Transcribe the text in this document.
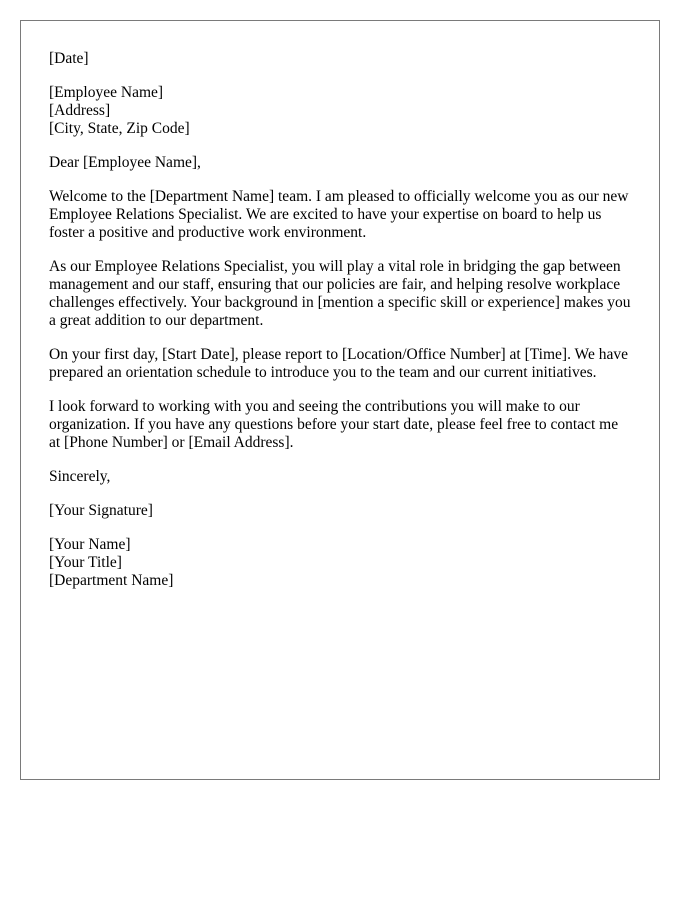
[Date]

[Employee Name]
[Address]
[City, State, Zip Code]

Dear [Employee Name],

Welcome to the [Department Name] team. I am pleased to officially welcome you as our new Employee Relations Specialist. We are excited to have your expertise on board to help us foster a positive and productive work environment.

As our Employee Relations Specialist, you will play a vital role in bridging the gap between management and our staff, ensuring that our policies are fair, and helping resolve workplace challenges effectively. Your background in [mention a specific skill or experience] makes you a great addition to our department.

On your first day, [Start Date], please report to [Location/Office Number] at [Time]. We have prepared an orientation schedule to introduce you to the team and our current initiatives.

I look forward to working with you and seeing the contributions you will make to our organization. If you have any questions before your start date, please feel free to contact me at [Phone Number] or [Email Address].

Sincerely,

[Your Signature]

[Your Name]
[Your Title]
[Department Name]
